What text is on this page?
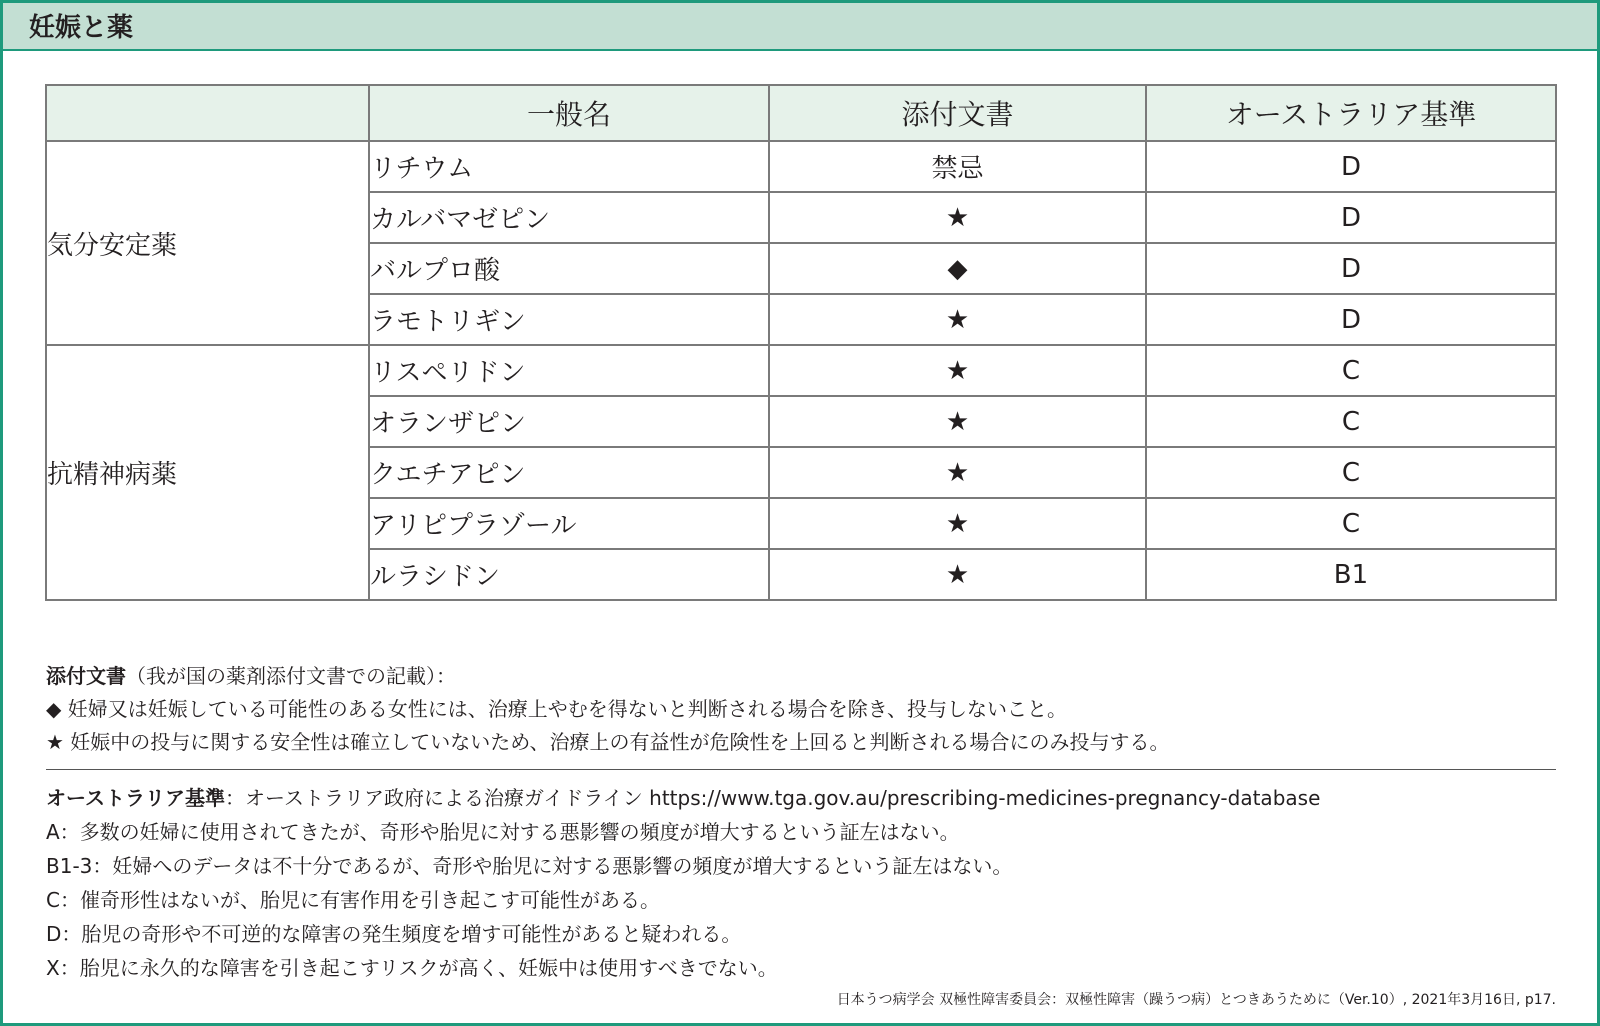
妊娠と薬
	一般名	添付文書	オーストラリア基準
気分安定薬	リチウム	禁忌	D
	カルバマゼピン	★	D
	バルプロ酸	◆	D
	ラモトリギン	★	D
抗精神病薬	リスペリドン	★	C
	オランザピン	★	C
	クエチアピン	★	C
	アリピプラゾール	★	C
	ルラシドン	★	B1
添付文書（我が国の薬剤添付文書での記載）：
◆ 妊婦又は妊娠している可能性のある女性には、治療上やむを得ないと判断される場合を除き、投与しないこと。
★ 妊娠中の投与に関する安全性は確立していないため、治療上の有益性が危険性を上回ると判断される場合にのみ投与する。
オーストラリア基準：オーストラリア政府による治療ガイドライン https://www.tga.gov.au/prescribing-medicines-pregnancy-database
A：多数の妊婦に使用されてきたが、奇形や胎児に対する悪影響の頻度が増大するという証左はない。
B1-3：妊婦へのデータは不十分であるが、奇形や胎児に対する悪影響の頻度が増大するという証左はない。
C：催奇形性はないが、胎児に有害作用を引き起こす可能性がある。
D：胎児の奇形や不可逆的な障害の発生頻度を増す可能性があると疑われる。
X：胎児に永久的な障害を引き起こすリスクが高く、妊娠中は使用すべきでない。
日本うつ病学会 双極性障害委員会：双極性障害（躁うつ病）とつきあうために（Ver.10）, 2021年3月16日, p17.
